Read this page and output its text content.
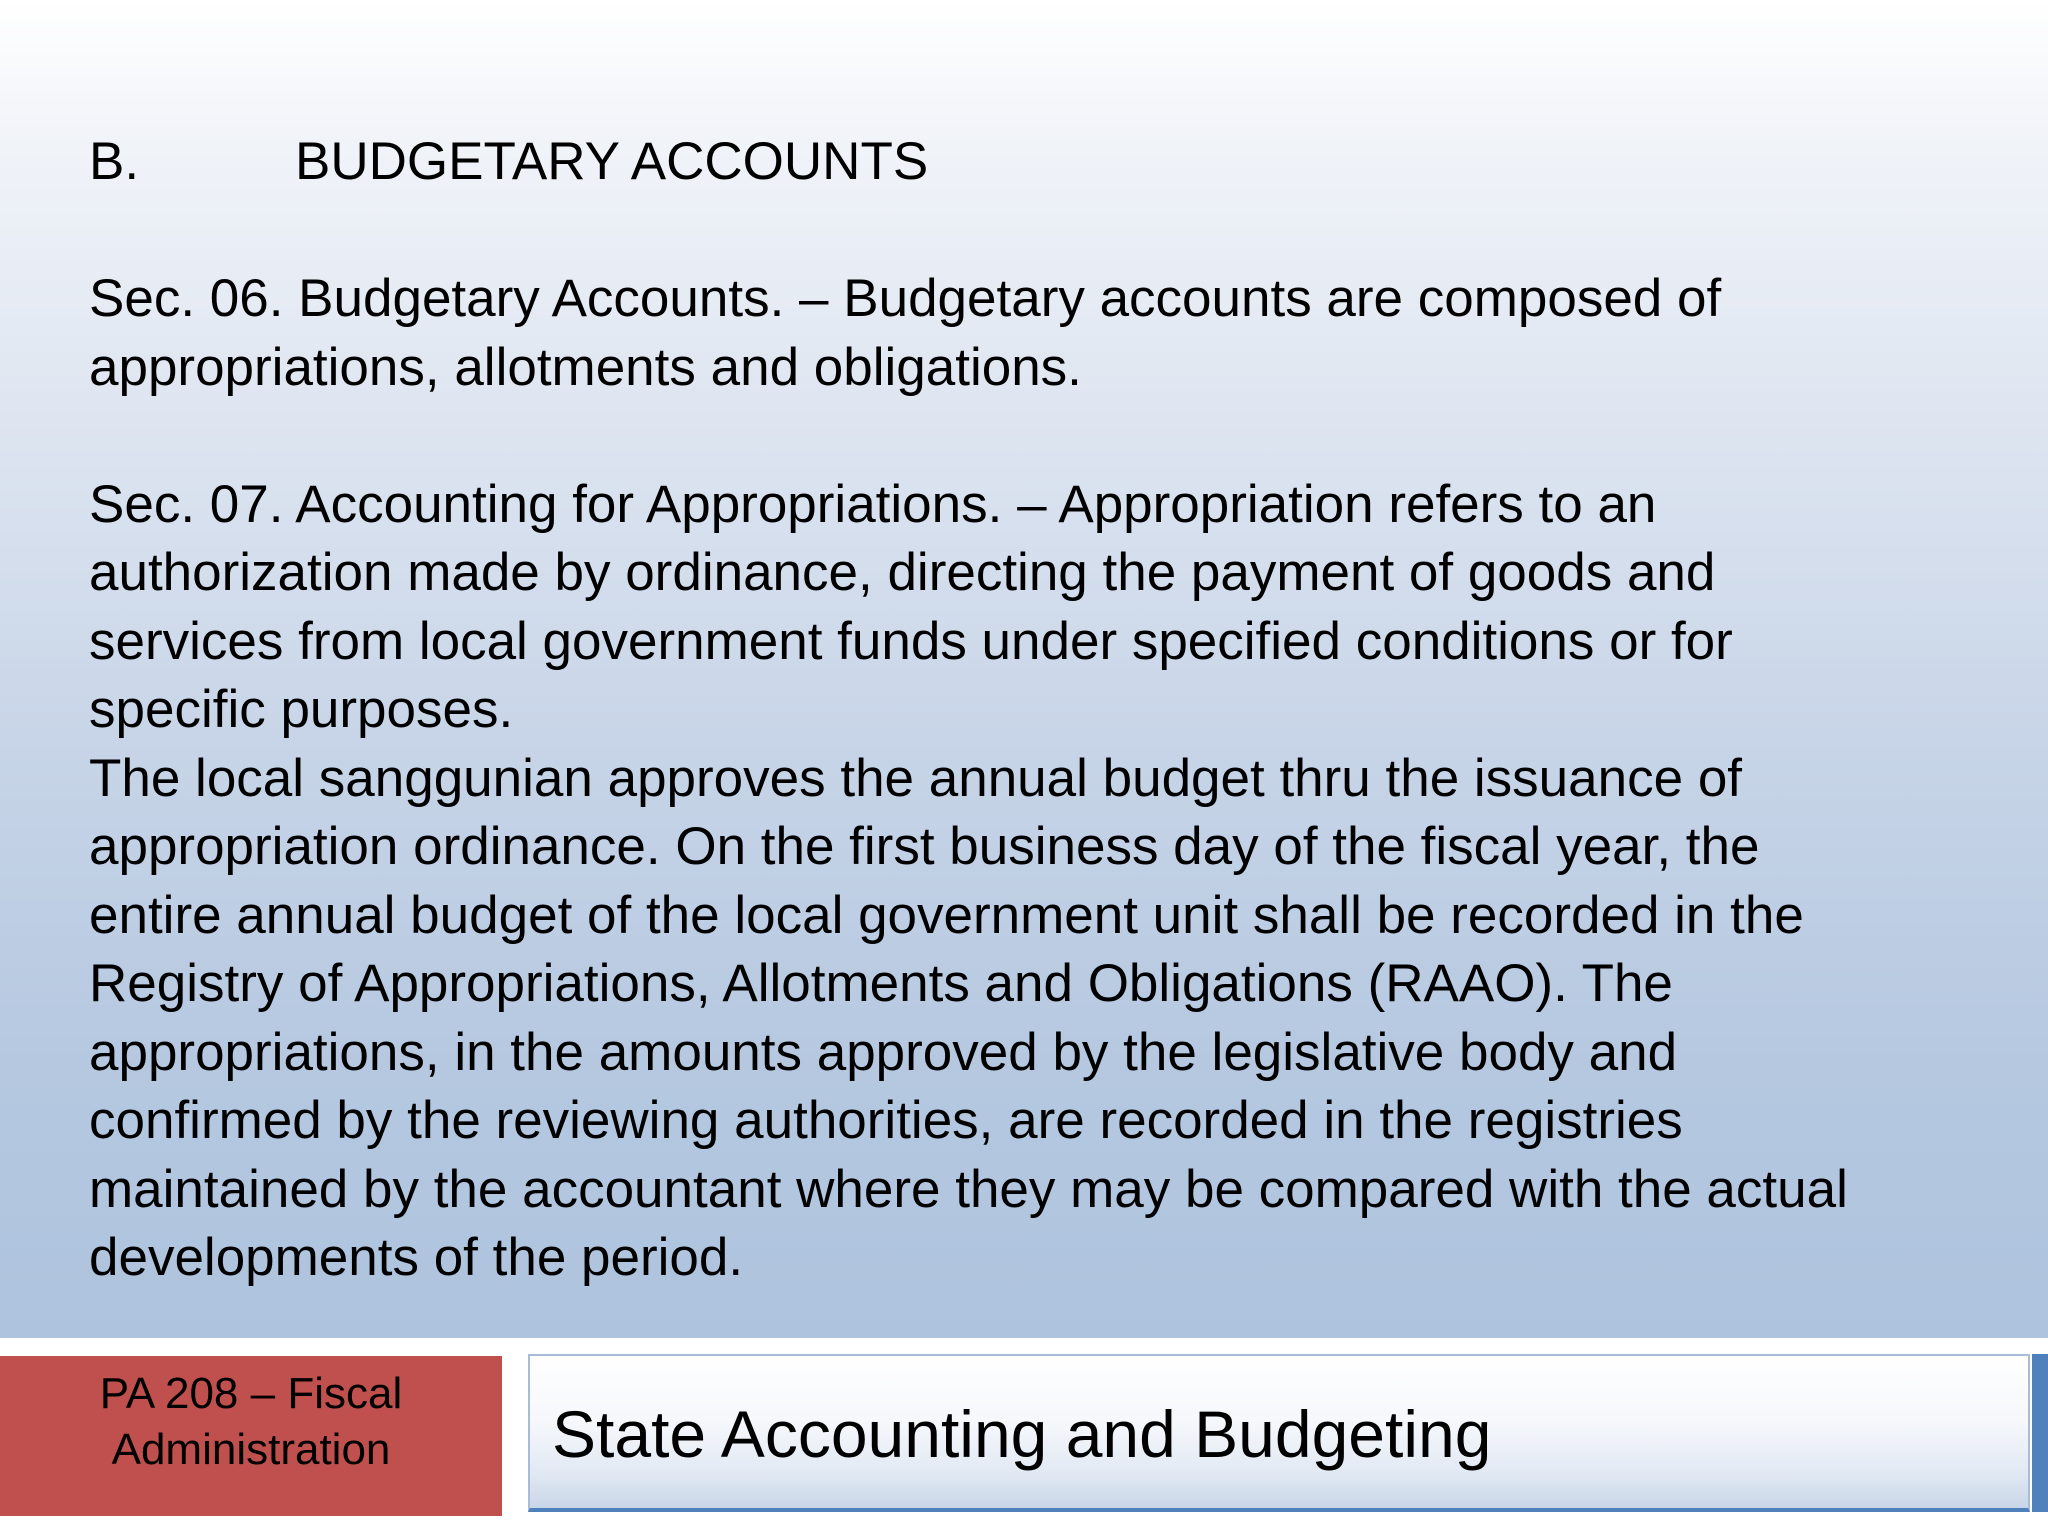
B.	BUDGETARY ACCOUNTS
Sec. 06. Budgetary Accounts. – Budgetary accounts are composed of
appropriations, allotments and obligations.
Sec. 07. Accounting for Appropriations. – Appropriation refers to an
authorization made by ordinance, directing the payment of goods and
services from local government funds under specified conditions or for
specific purposes.
The local sanggunian approves the annual budget thru the issuance of
appropriation ordinance. On the first business day of the fiscal year, the
entire annual budget of the local government unit shall be recorded in the
Registry of Appropriations, Allotments and Obligations (RAAO). The
appropriations, in the amounts approved by the legislative body and
confirmed by the reviewing authorities, are recorded in the registries
maintained by the accountant where they may be compared with the actual
developments of the period.
PA 208 – Fiscal
Administration	State Accounting and Budgeting
